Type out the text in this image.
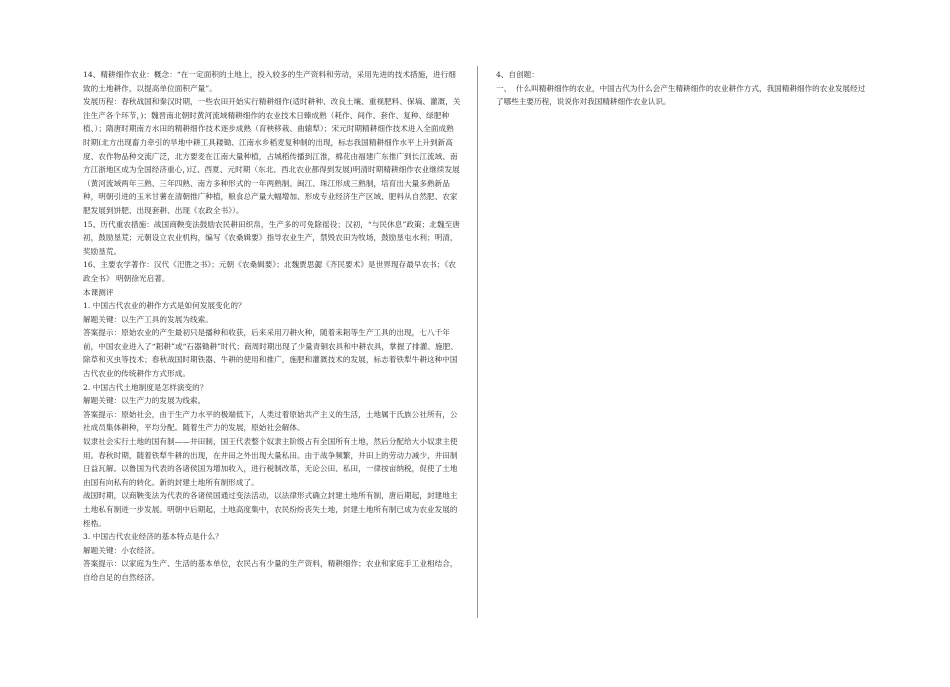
14、精耕细作农业：概念：“在一定面积的土地上，投入较多的生产资料和劳动，采用先进的技术措施，进行细致的土地耕作，以提高单位面积产量”。

发展历程：春秋战国和秦汉时期，一些农田开始实行精耕细作(适时耕种、改良土壤、重视肥料、保墒、灌溉，关注生产各个环节，)；魏晋南北朝时黄河流域精耕细作的农业技术日臻成熟（耗作、间作、套作、复种、绿肥种植、）；隋唐时期南方水田的精耕细作技术逐步成熟（育秧移栽、曲辕犁）；宋元时期精耕细作技术进入全面成熟时期(北方出现畜力牵引的旱地中耕工具耧锄、江南水乡稻麦复种制的出现，标志我国精耕细作水平上升到新高度、农作物品种交流广泛，北方要麦在江南大量种植，占城稻传播到江淮，棉花由福建广东推广到长江流域、南方江浙地区成为全国经济重心，)辽、西夏、元时期（东北、西北农业都得到发展)明清时期精耕细作农业继续发展（黄河流域两年三熟、三年四熟、南方多种形式的一年两熟制、闽江、珠江形成三熟制，培育出大量多熟新品种，明朝引进的玉米甘薯在清朝推广种植，粮食总产量大幅增加、形成专业经济生产区域、肥料从自然肥、农家肥发展到饼肥、出现套耕、出现《农政全书》）。

15、历代重农措施：战国商鞅变法鼓励农民耕田织帛，生产多的可免除徭役；汉初，“与民休息”政策；北魏至唐初，鼓励垦荒；元朝设立农业机构，编写《农桑辑要》指导农业生产，禁毁农田为牧场，鼓励垦屯水利；明清，奖励垦荒。

16、主要农学著作：汉代《汜胜之书》；元朝《农桑辑要》；北魏贾思勰《齐民要术》是世界现存最早农书；《农政全书》 明朝徐光启著。

本课测评

1. 中国古代农业的耕作方式是如何发展变化的？

解题关键：以生产工具的发展为线索。

答案提示：原始农业的产生最初只是播种和收获，后来采用刀耕火种，随着耒耜等生产工具的出现，七八千年前，中国农业进入了“耜耕”或“石器锄耕”时代；商周时期出现了少量青铜农具和中耕农具，掌握了排灌、施肥、除草和灭虫等技术；春秋战国时期铁器、牛耕的使用和推广，施肥和灌溉技术的发展，标志着铁犁牛耕这种中国古代农业的传统耕作方式形成。

2. 中国古代土地制度是怎样演变的？

解题关键：以生产力的发展为线索。

答案提示：原始社会，由于生产力水平的极端低下，人类过着原始共产主义的生活，土地属于氏族公社所有，公社成员集体耕种，平均分配。随着生产力的发展，原始社会解体。

奴隶社会实行土地的国有制——井田制，国王代表整个奴隶主阶级占有全国所有土地，然后分配给大小奴隶主使用。春秋时期，随着铁犁牛耕的出现，在井田之外出现大量私田。由于战争频繁，井田上的劳动力减少，井田制日益瓦解。以鲁国为代表的各诸侯国为增加收入，进行税制改革，无论公田、私田，一律按亩纳税，促使了土地由国有向私有的转化。新的封建土地所有制形成了。

战国时期，以商鞅变法为代表的各诸侯国通过变法活动，以法律形式确立封建土地所有制，唐后期起，封建地主土地私有制进一步发展。明朝中后期起，土地高度集中，农民纷纷丧失土地，封建土地所有制已成为农业发展的桎梏。

3. 中国古代农业经济的基本特点是什么？

解题关键：小农经济。

答案提示：以家庭为生产、生活的基本单位，农民占有少量的生产资料，精耕细作；农业和家庭手工业相结合，自给自足的自然经济。

4、自创题：

一、 什么叫精耕细作的农业，中国古代为什么会产生精耕细作的农业耕作方式，我国精耕细作的农业发展经过了哪些主要历程，说说你对我国精耕细作农业认识。
